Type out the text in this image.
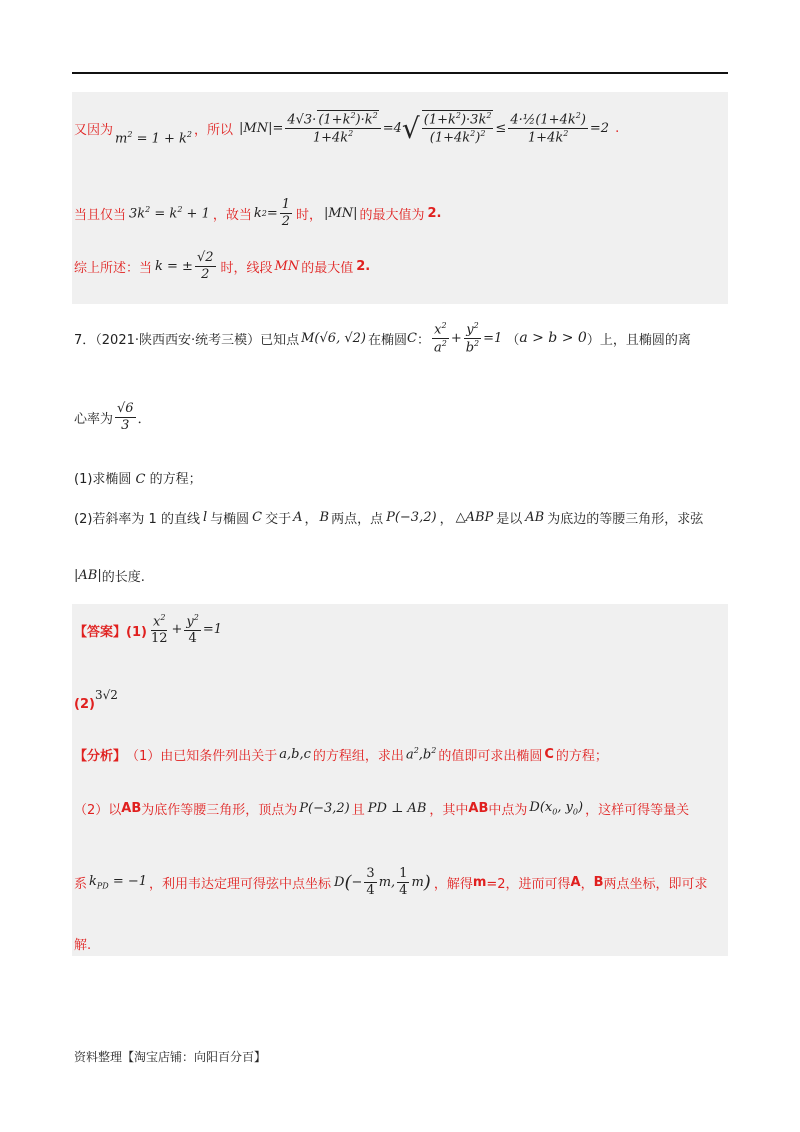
又因为
$m^2 = 1 + k^2$ ，所以 $|MN|= \frac{4√3\cdot (1+k^2)\cdot k^2}{1+4k^2} =4$ √ $\frac{(1+k^2)\cdot 3k^2}{(1+4k^2)^2} \le \frac{4\cdot\frac{1}{2}(1+4k^2)}{1+4k^2} =2$ .
当且仅当 $3k^2 = k^2 + 1$ ，故当 k $2 = \frac{1}{2}$ 时， |MN| 的最大值为 2.
综上所述：当 k = ± $\frac{√2}{2}$ 时，线段 MN 的最大值 2.
7．（2021·陕西西安·统考三模）已知点 M(√6, √2) 在椭圆 C ： $\frac{x^2}{a^2} + \frac{y^2}{b^2} =1$ （ a > b > 0 ）上，且椭圆的离
心率为 $\frac{√6}{3}$ ．
(1)求椭圆 C 的方程；
(2)若斜率为 1 的直线 l 与椭圆 C 交于 A ， B 两点，点 P(−3,2) ， △ABP 是以 AB 为底边的等腰三角形，求弦
|AB| 的长度.
【答案】$(1) \frac{x^2}{12} + \frac{y^2}{4} =1$
(2)
3√2
【分析】 （1）由已知条件列出关于 a,b,c 的方程组，求出 $a^2,b^2$ 的值即可求出椭圆 C 的方程；
（2）以 AB 为底作等腰三角形，顶点为 P(−3,2) 且 PD ⊥ AB ，其中 AB 中点为 $D(x_0$, $y_0$) ，这样可得等量关
系 $k_{PD} = -1$ ，利用韦达定理可得弦中点坐标 D ( − $\frac{3}{4} m$, $\frac{1}{4}$ m ) ，解得 m =2，进而可得 A ， B 两点坐标，即可求
解.
资料整理【淘宝店铺：向阳百分百】
